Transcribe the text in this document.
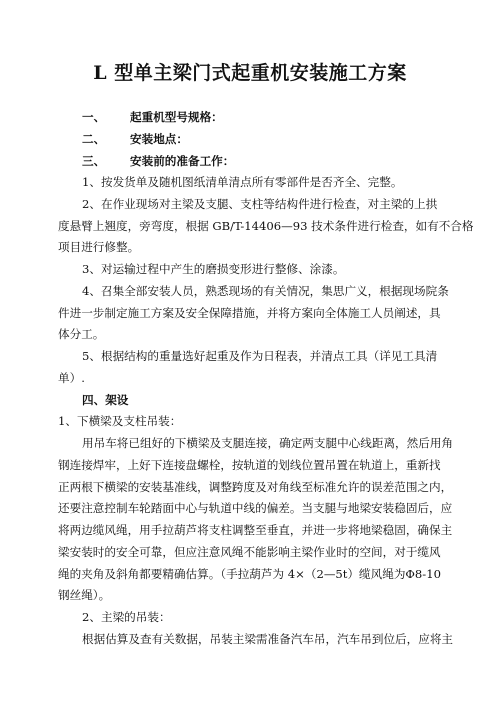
L 型单主梁门式起重机安装施工方案
一、 起重机型号规格：
二、 安装地点：
三、 安装前的准备工作：
1、按发货单及随机图纸清单清点所有零部件是否齐全、完整。
2、在作业现场对主梁及支腿、支柱等结构件进行检查，对主梁的上拱
度悬臂上翘度，旁弯度，根据 GB/T-14406—93 技术条件进行检查，如有不合格
项目进行修整。
3、对运输过程中产生的磨损变形进行整修、涂漆。
4、召集全部安装人员，熟悉现场的有关情况，集思广义，根据现场院条
件进一步制定施工方案及安全保障措施，并将方案向全体施工人员阐述，具
体分工。
5、根据结构的重量选好起重及作为日程表，并清点工具（详见工具清
单）.
四、架设
1、下横梁及支柱吊装：
用吊车将已组好的下横梁及支腿连接，确定两支腿中心线距离，然后用角
钢连接焊牢，上好下连接盘螺栓，按轨道的划线位置吊置在轨道上，重新找
正两根下横梁的安装基准线，调整跨度及对角线至标准允许的误差范围之内，
还要注意控制车轮踏面中心与轨道中线的偏差。当支腿与地梁安装稳固后，应
将两边缆风绳，用手拉葫芦将支柱调整至垂直，并进一步将地梁稳固，确保主
梁安装时的安全可靠，但应注意风绳不能影响主梁作业时的空间，对于缆风
绳的夹角及斜角都要精确估算。（手拉葫芦为 4×（2—5t）缆风绳为Φ8-10
钢丝绳）。
2、主梁的吊装：
根据估算及查有关数据，吊装主梁需准备汽车吊，汽车吊到位后，应将主
